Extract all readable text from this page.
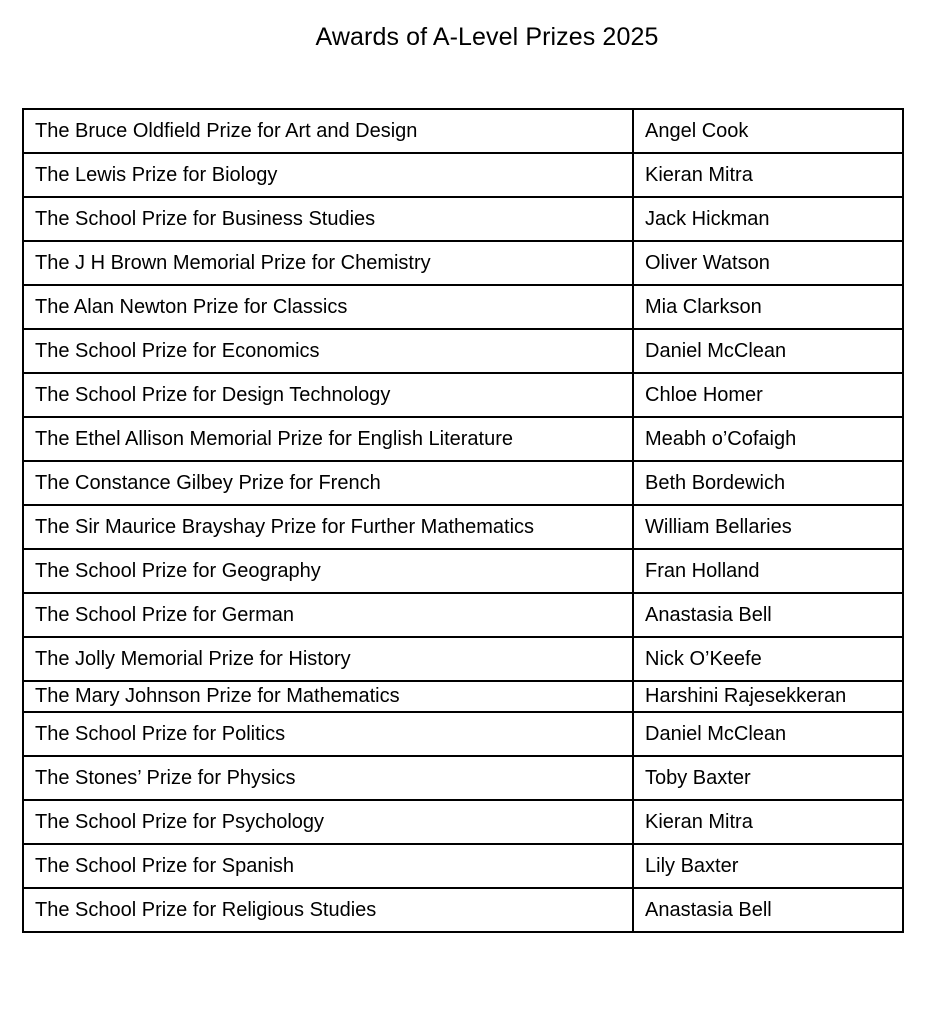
Awards of A-Level Prizes 2025
The Bruce Oldfield Prize for Art and Design	Angel Cook
The Lewis Prize for Biology	Kieran Mitra
The School Prize for Business Studies	Jack Hickman
The J H Brown Memorial Prize for Chemistry	Oliver Watson
The Alan Newton Prize for Classics	Mia Clarkson
The School Prize for Economics	Daniel McClean
The School Prize for Design Technology	Chloe Homer
The Ethel Allison Memorial Prize for English Literature	Meabh o’Cofaigh
The Constance Gilbey Prize for French	Beth Bordewich
The Sir Maurice Brayshay Prize for Further Mathematics	William Bellaries
The School Prize for Geography	Fran Holland
The School Prize for German	Anastasia Bell
The Jolly Memorial Prize for History	Nick O’Keefe
The Mary Johnson Prize for Mathematics	Harshini Rajesekkeran
The School Prize for Politics	Daniel McClean
The Stones’ Prize for Physics	Toby Baxter
The School Prize for Psychology	Kieran Mitra
The School Prize for Spanish	Lily Baxter
The School Prize for Religious Studies	Anastasia Bell
